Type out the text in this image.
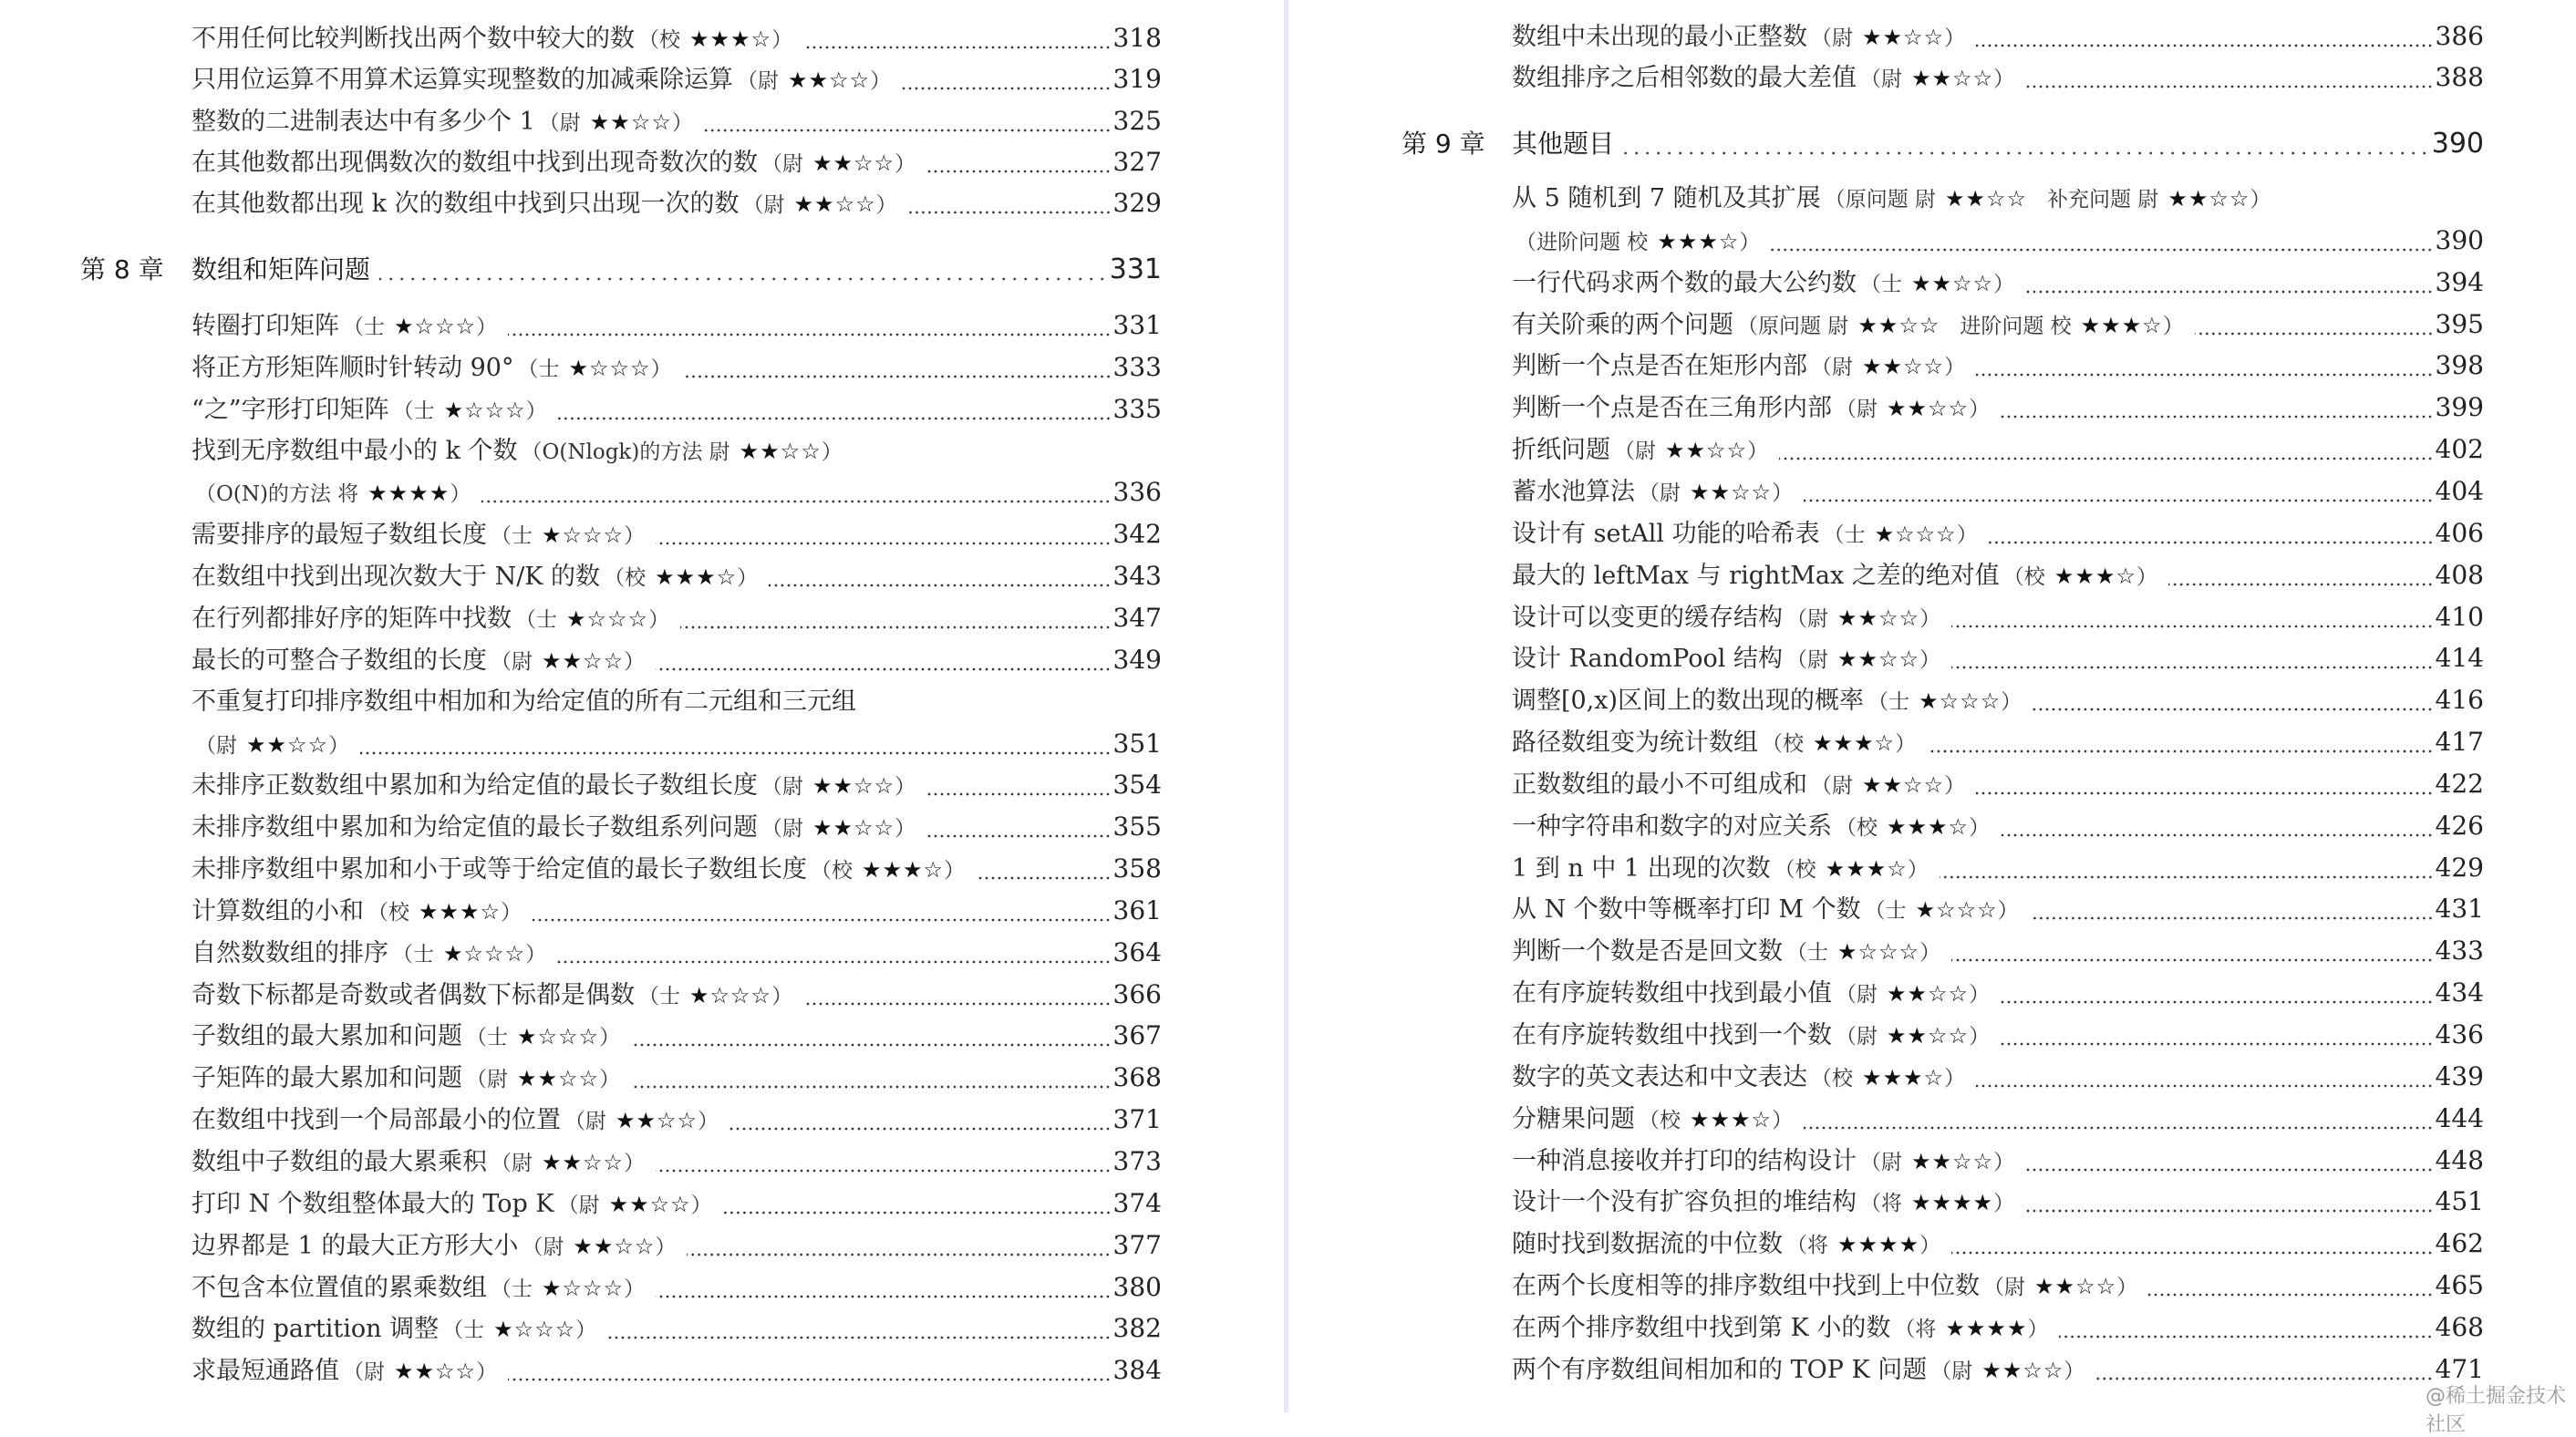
不用任何比较判断找出两个数中较大的数 （校 ★★★☆）	318
只用位运算不用算术运算实现整数的加减乘除运算 （尉 ★★☆☆）	319
整数的二进制表达中有多少个 1 （尉 ★★☆☆）	325
在其他数都出现偶数次的数组中找到出现奇数次的数 （尉 ★★☆☆）	327
在其他数都出现 k 次的数组中找到只出现一次的数 （尉 ★★☆☆）	329
第 8 章 数组和矩阵问题	331
转圈打印矩阵 （士 ★☆☆☆）	331
将正方形矩阵顺时针转动 90° （士 ★☆☆☆）	333
“之”字形打印矩阵 （士 ★☆☆☆）	335
找到无序数组中最小的 k 个数 （O(Nlogk)的方法 尉 ★★☆☆）
（O(N)的方法 将 ★★★★）	336
需要排序的最短子数组长度 （士 ★☆☆☆）	342
在数组中找到出现次数大于 N/K 的数 （校 ★★★☆）	343
在行列都排好序的矩阵中找数 （士 ★☆☆☆）	347
最长的可整合子数组的长度 （尉 ★★☆☆）	349
不重复打印排序数组中相加和为给定值的所有二元组和三元组
（尉 ★★☆☆）	351
未排序正数数组中累加和为给定值的最长子数组长度 （尉 ★★☆☆）	354
未排序数组中累加和为给定值的最长子数组系列问题 （尉 ★★☆☆）	355
未排序数组中累加和小于或等于给定值的最长子数组长度 （校 ★★★☆）	358
计算数组的小和 （校 ★★★☆）	361
自然数数组的排序 （士 ★☆☆☆）	364
奇数下标都是奇数或者偶数下标都是偶数 （士 ★☆☆☆）	366
子数组的最大累加和问题 （士 ★☆☆☆）	367
子矩阵的最大累加和问题 （尉 ★★☆☆）	368
在数组中找到一个局部最小的位置 （尉 ★★☆☆）	371
数组中子数组的最大累乘积 （尉 ★★☆☆）	373
打印 N 个数组整体最大的 Top K （尉 ★★☆☆）	374
边界都是 1 的最大正方形大小 （尉 ★★☆☆）	377
不包含本位置值的累乘数组 （士 ★☆☆☆）	380
数组的 partition 调整 （士 ★☆☆☆）	382
求最短通路值 （尉 ★★☆☆）	384
数组中未出现的最小正整数 （尉 ★★☆☆）	386
数组排序之后相邻数的最大差值 （尉 ★★☆☆）	388
第 9 章 其他题目	390
从 5 随机到 7 随机及其扩展 （原问题 尉 ★★☆☆ 补充问题 尉 ★★☆☆）
（进阶问题 校 ★★★☆）	390
一行代码求两个数的最大公约数 （士 ★★☆☆）	394
有关阶乘的两个问题 （原问题 尉 ★★☆☆ 进阶问题 校 ★★★☆）	395
判断一个点是否在矩形内部 （尉 ★★☆☆）	398
判断一个点是否在三角形内部 （尉 ★★☆☆）	399
折纸问题 （尉 ★★☆☆）	402
蓄水池算法 （尉 ★★☆☆）	404
设计有 setAll 功能的哈希表 （士 ★☆☆☆）	406
最大的 leftMax 与 rightMax 之差的绝对值 （校 ★★★☆）	408
设计可以变更的缓存结构 （尉 ★★☆☆）	410
设计 RandomPool 结构 （尉 ★★☆☆）	414
调整[0,x)区间上的数出现的概率 （士 ★☆☆☆）	416
路径数组变为统计数组 （校 ★★★☆）	417
正数数组的最小不可组成和 （尉 ★★☆☆）	422
一种字符串和数字的对应关系 （校 ★★★☆）	426
1 到 n 中 1 出现的次数 （校 ★★★☆）	429
从 N 个数中等概率打印 M 个数 （士 ★☆☆☆）	431
判断一个数是否是回文数 （士 ★☆☆☆）	433
在有序旋转数组中找到最小值 （尉 ★★☆☆）	434
在有序旋转数组中找到一个数 （尉 ★★☆☆）	436
数字的英文表达和中文表达 （校 ★★★☆）	439
分糖果问题 （校 ★★★☆）	444
一种消息接收并打印的结构设计 （尉 ★★☆☆）	448
设计一个没有扩容负担的堆结构 （将 ★★★★）	451
随时找到数据流的中位数 （将 ★★★★）	462
在两个长度相等的排序数组中找到上中位数 （尉 ★★☆☆）	465
在两个排序数组中找到第 K 小的数 （将 ★★★★）	468
两个有序数组间相加和的 TOP K 问题 （尉 ★★☆☆）	471
@稀土掘金技术社区
